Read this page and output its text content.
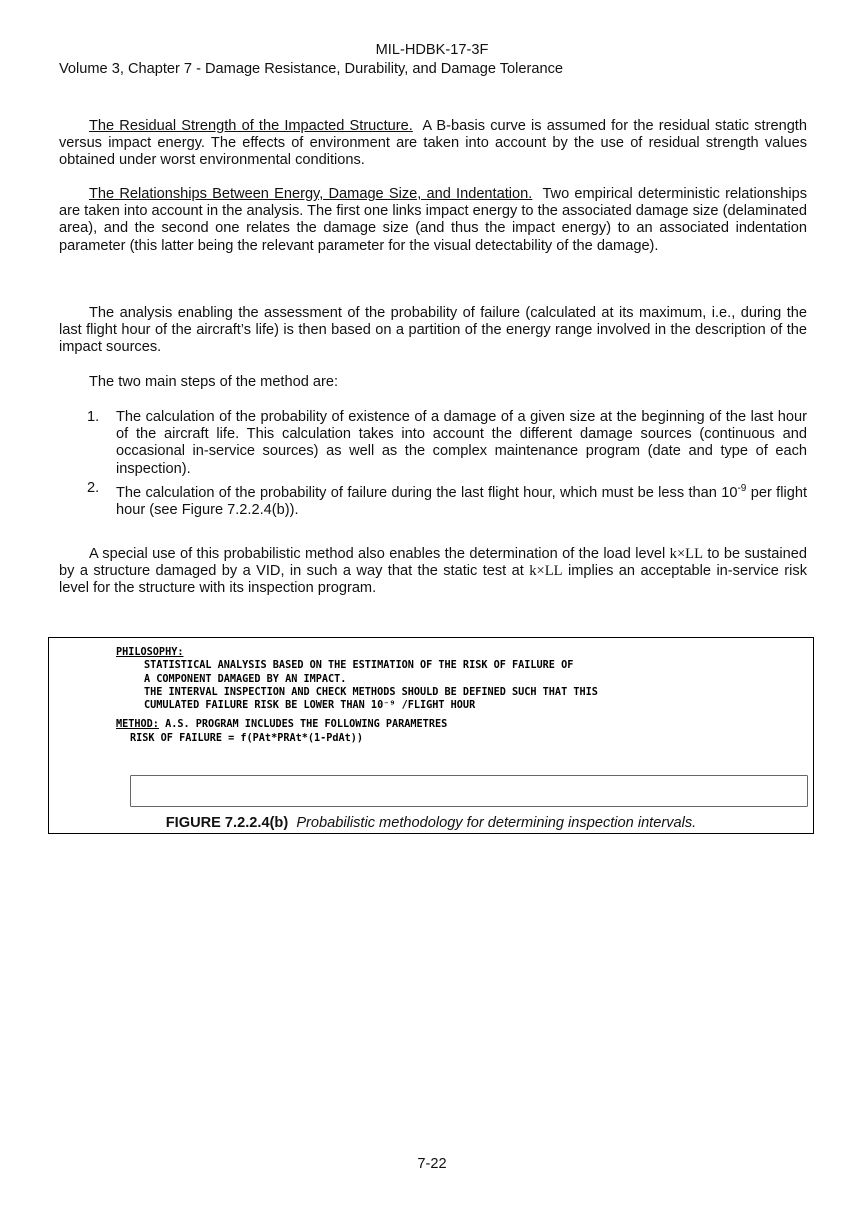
MIL-HDBK-17-3F
Volume 3, Chapter 7 - Damage Resistance, Durability, and Damage Tolerance

The Residual Strength of the Impacted Structure. A B-basis curve is assumed for the residual static strength versus impact energy. The effects of environment are taken into account by the use of residual strength values obtained under worst environmental conditions.

The Relationships Between Energy, Damage Size, and Indentation. Two empirical deterministic relationships are taken into account in the analysis. The first one links impact energy to the associated damage size (delaminated area), and the second one relates the damage size (and thus the impact energy) to an associated indentation parameter (this latter being the relevant parameter for the visual detectability of the damage).

The analysis enabling the assessment of the probability of failure (calculated at its maximum, i.e., during the last flight hour of the aircraft’s life) is then based on a partition of the energy range involved in the description of the impact sources.

The two main steps of the method are:

1. The calculation of the probability of existence of a damage of a given size at the beginning of the last hour of the aircraft life. This calculation takes into account the different damage sources (continuous and occasional in-service sources) as well as the complex maintenance program (date and type of each inspection).
2. The calculation of the probability of failure during the last flight hour, which must be less than $10^{-9}$ per flight hour (see Figure 7.2.2.4(b)).

A special use of this probabilistic method also enables the determination of the load level k×LL to be sustained by a structure damaged by a VID, in such a way that the static test at k×LL implies an acceptable in-service risk level for the structure with its inspection program.

PHILOSOPHY:
STATISTICAL ANALYSIS BASED ON THE ESTIMATION OF THE RISK OF FAILURE OF
A COMPONENT DAMAGED BY AN IMPACT.
THE INTERVAL INSPECTION AND CHECK METHODS SHOULD BE DEFINED SUCH THAT THIS
CUMULATED FAILURE RISK BE LOWER THAN 10⁻⁹ /FLIGHT HOUR
METHOD: A.S. PROGRAM INCLUDES THE FOLLOWING PARAMETRES
RISK OF FAILURE = f(PAt*PRAt*(1-PdAt))
FIGURE 7.2.2.4(b) Probabilistic methodology for determining inspection intervals.
7-22
